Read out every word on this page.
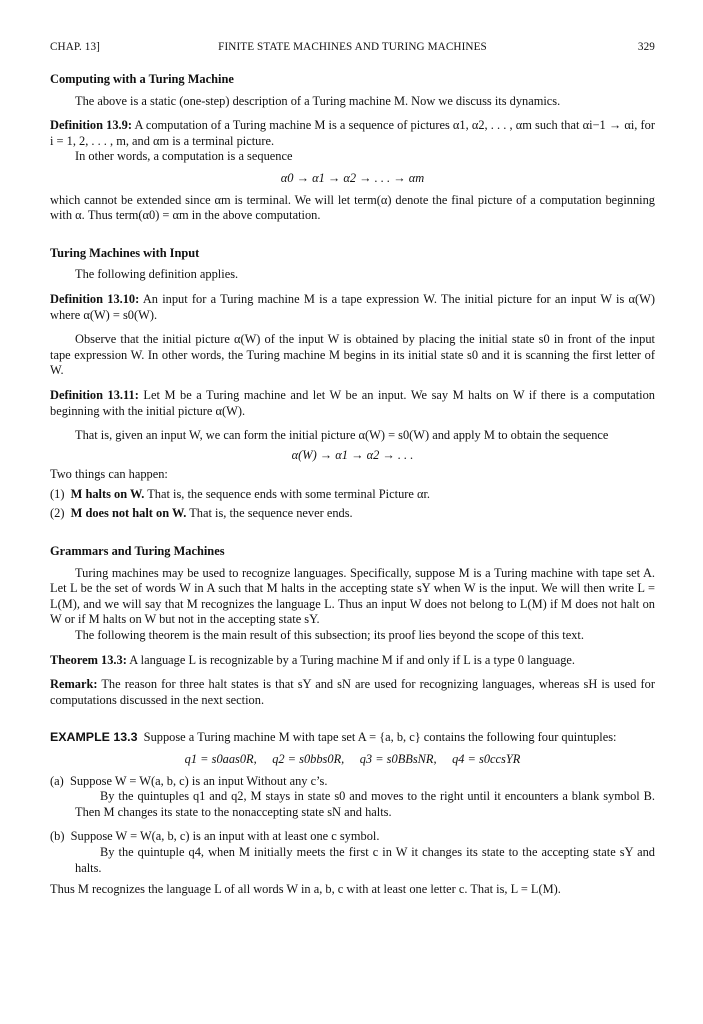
CHAP. 13]	FINITE STATE MACHINES AND TURING MACHINES	329
Computing with a Turing Machine

The above is a static (one-step) description of a Turing machine M. Now we discuss its dynamics.

Definition 13.9: A computation of a Turing machine M is a sequence of pictures α1, α2, . . . , αm such that αi−1 → αi, for i = 1, 2, . . . , m, and αm is a terminal picture.

In other words, a computation is a sequence

α0 → α1 → α2 → . . . → αm

which cannot be extended since αm is terminal. We will let term(α) denote the final picture of a computation beginning with α. Thus term(α0) = αm in the above computation.

Turing Machines with Input

The following definition applies.

Definition 13.10: An input for a Turing machine M is a tape expression W. The initial picture for an input W is α(W) where α(W) = s0(W).

Observe that the initial picture α(W) of the input W is obtained by placing the initial state s0 in front of the input tape expression W. In other words, the Turing machine M begins in its initial state s0 and it is scanning the first letter of W.

Definition 13.11: Let M be a Turing machine and let W be an input. We say M halts on W if there is a computation beginning with the initial picture α(W).

That is, given an input W, we can form the initial picture α(W) = s0(W) and apply M to obtain the sequence

α(W) → α1 → α2 → . . .

Two things can happen:

(1) M halts on W. That is, the sequence ends with some terminal Picture αr.

(2) M does not halt on W. That is, the sequence never ends.

Grammars and Turing Machines

Turing machines may be used to recognize languages. Specifically, suppose M is a Turing machine with tape set A. Let L be the set of words W in A such that M halts in the accepting state sY when W is the input. We will then write L = L(M), and we will say that M recognizes the language L. Thus an input W does not belong to L(M) if M does not halt on W or if M halts on W but not in the accepting state sY.

The following theorem is the main result of this subsection; its proof lies beyond the scope of this text.

Theorem 13.3: A language L is recognizable by a Turing machine M if and only if L is a type 0 language.

Remark: The reason for three halt states is that sY and sN are used for recognizing languages, whereas sH is used for computations discussed in the next section.

EXAMPLE 13.3 Suppose a Turing machine M with tape set A = {a, b, c} contains the following four quintuples:

q1 = s0aas0R,     q2 = s0bbs0R,     q3 = s0BBsNR,     q4 = s0ccsYR

(a) Suppose W = W(a, b, c) is an input Without any c’s.

By the quintuples q1 and q2, M stays in state s0 and moves to the right until it encounters a blank symbol B. Then M changes its state to the nonaccepting state sN and halts.

(b) Suppose W = W(a, b, c) is an input with at least one c symbol.

By the quintuple q4, when M initially meets the first c in W it changes its state to the accepting state sY and halts.

Thus M recognizes the language L of all words W in a, b, c with at least one letter c. That is, L = L(M).
